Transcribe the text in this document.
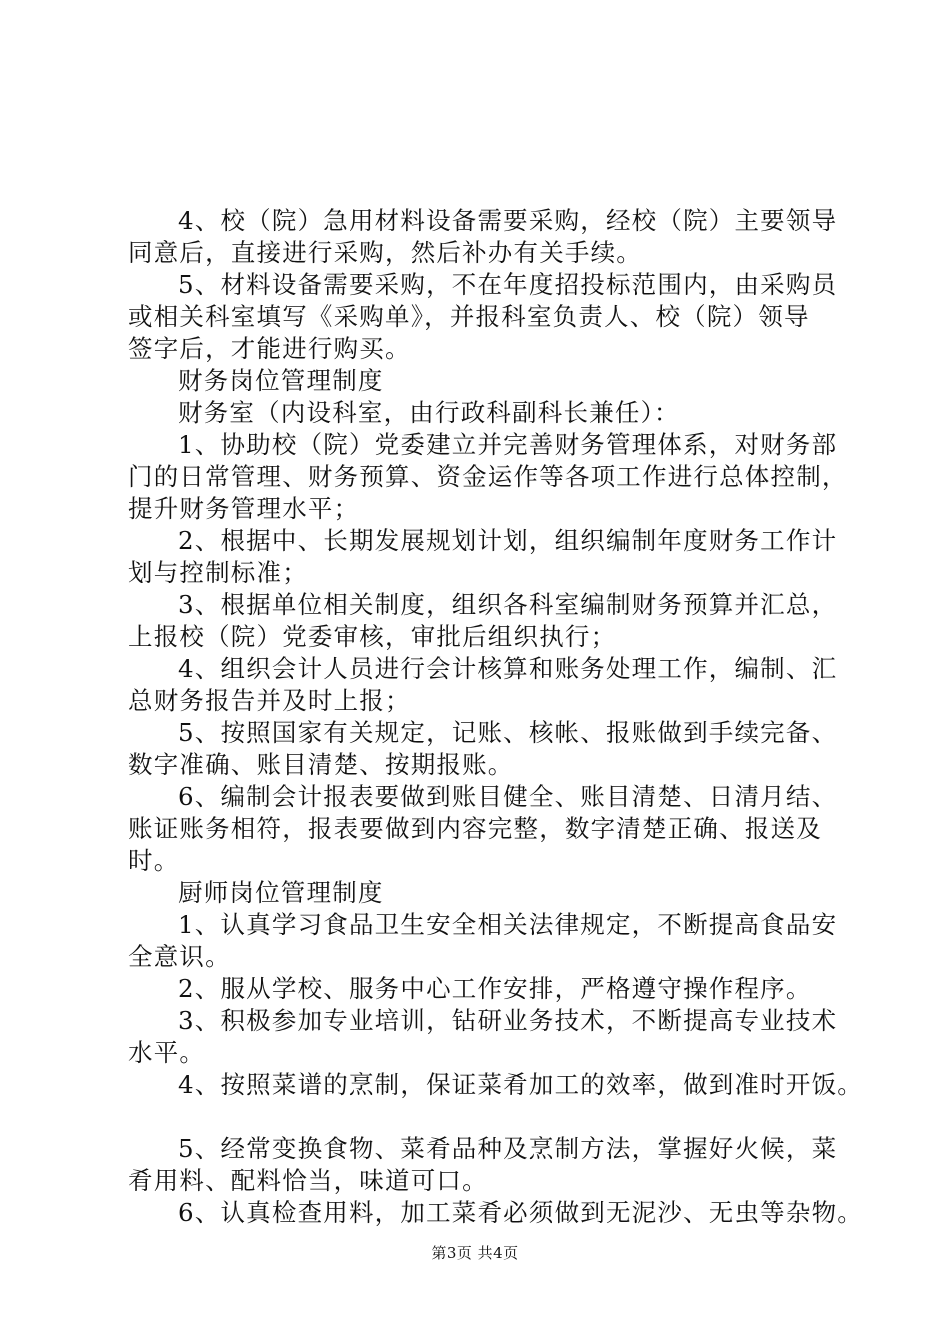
4、校（院）急用材料设备需要采购，经校（院）主要领导
同意后，直接进行采购，然后补办有关手续。
5、材料设备需要采购，不在年度招投标范围内，由采购员
或相关科室填写《采购单》，并报科室负责人、校（院）领导
签字后，才能进行购买。
财务岗位管理制度
财务室（内设科室，由行政科副科长兼任）：
1、协助校（院）党委建立并完善财务管理体系，对财务部
门的日常管理、财务预算、资金运作等各项工作进行总体控制，
提升财务管理水平；
2、根据中、长期发展规划计划，组织编制年度财务工作计
划与控制标准；
3、根据单位相关制度，组织各科室编制财务预算并汇总，
上报校（院）党委审核，审批后组织执行；
4、组织会计人员进行会计核算和账务处理工作，编制、汇
总财务报告并及时上报；
5、按照国家有关规定，记账、核帐、报账做到手续完备、
数字准确、账目清楚、按期报账。
6、编制会计报表要做到账目健全、账目清楚、日清月结、
账证账务相符，报表要做到内容完整，数字清楚正确、报送及
时。
厨师岗位管理制度
1、认真学习食品卫生安全相关法律规定，不断提高食品安
全意识。
2、服从学校、服务中心工作安排，严格遵守操作程序。
3、积极参加专业培训，钻研业务技术，不断提高专业技术
水平。
4、按照菜谱的烹制，保证菜肴加工的效率，做到准时开饭。
5、经常变换食物、菜肴品种及烹制方法，掌握好火候，菜
肴用料、配料恰当，味道可口。
6、认真检查用料，加工菜肴必须做到无泥沙、无虫等杂物。
第3页 共4页
